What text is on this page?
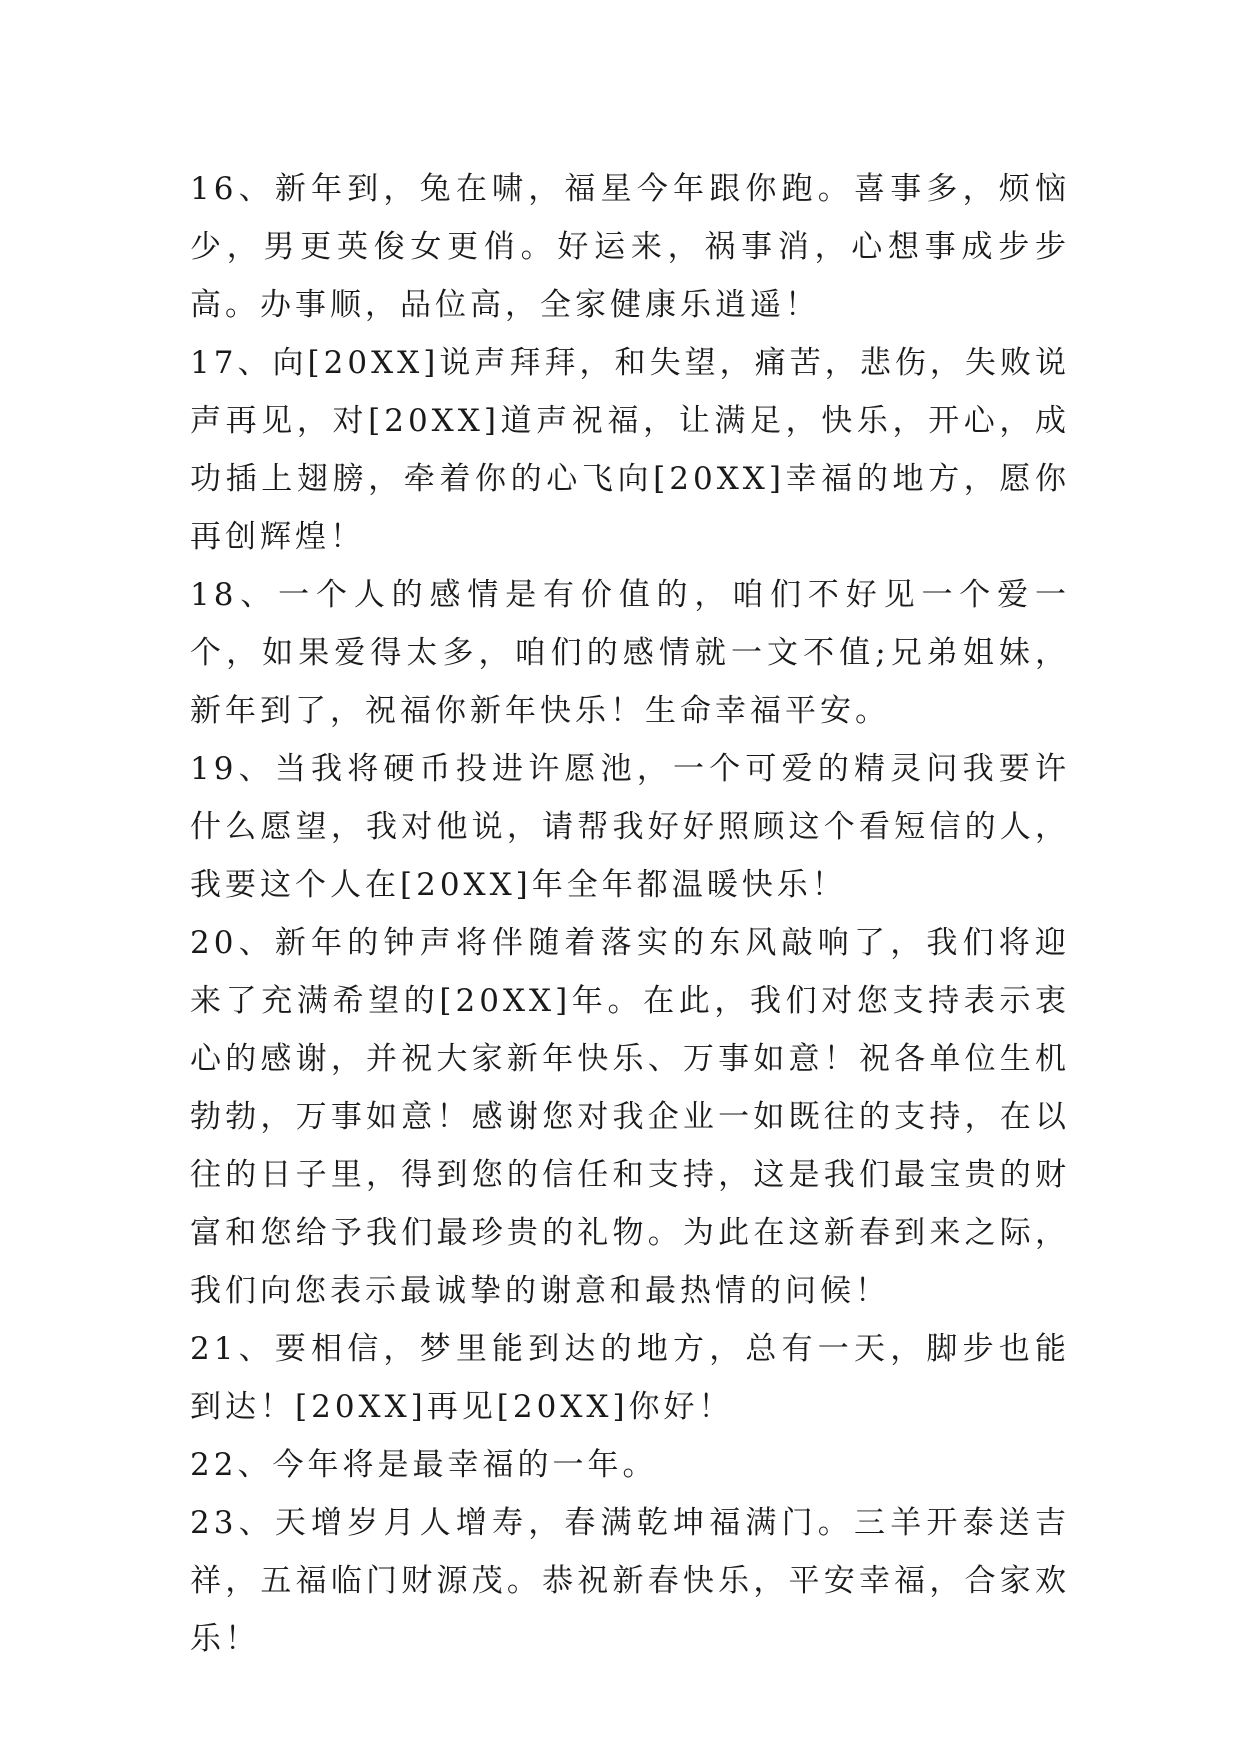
16、新年到，兔在啸，福星今年跟你跑。喜事多，烦恼少，男更英俊女更俏。好运来，祸事消，心想事成步步高。办事顺，品位高，全家健康乐逍遥！

17、向[20XX]说声拜拜，和失望，痛苦，悲伤，失败说声再见，对[20XX]道声祝福，让满足，快乐，开心，成功插上翅膀，牵着你的心飞向[20XX]幸福的地方，愿你再创辉煌！

18、一个人的感情是有价值的，咱们不好见一个爱一个，如果爱得太多，咱们的感情就一文不值;兄弟姐妹，新年到了，祝福你新年快乐！生命幸福平安。

19、当我将硬币投进许愿池，一个可爱的精灵问我要许什么愿望，我对他说，请帮我好好照顾这个看短信的人，我要这个人在[20XX]年全年都温暖快乐！

20、新年的钟声将伴随着落实的东风敲响了，我们将迎来了充满希望的[20XX]年。在此，我们对您支持表示衷心的感谢，并祝大家新年快乐、万事如意！祝各单位生机勃勃，万事如意！感谢您对我企业一如既往的支持，在以往的日子里，得到您的信任和支持，这是我们最宝贵的财富和您给予我们最珍贵的礼物。为此在这新春到来之际，我们向您表示最诚挚的谢意和最热情的问候！

21、要相信，梦里能到达的地方，总有一天，脚步也能到达！[20XX]再见[20XX]你好！

22、今年将是最幸福的一年。

23、天增岁月人增寿，春满乾坤福满门。三羊开泰送吉祥，五福临门财源茂。恭祝新春快乐，平安幸福，合家欢乐！
